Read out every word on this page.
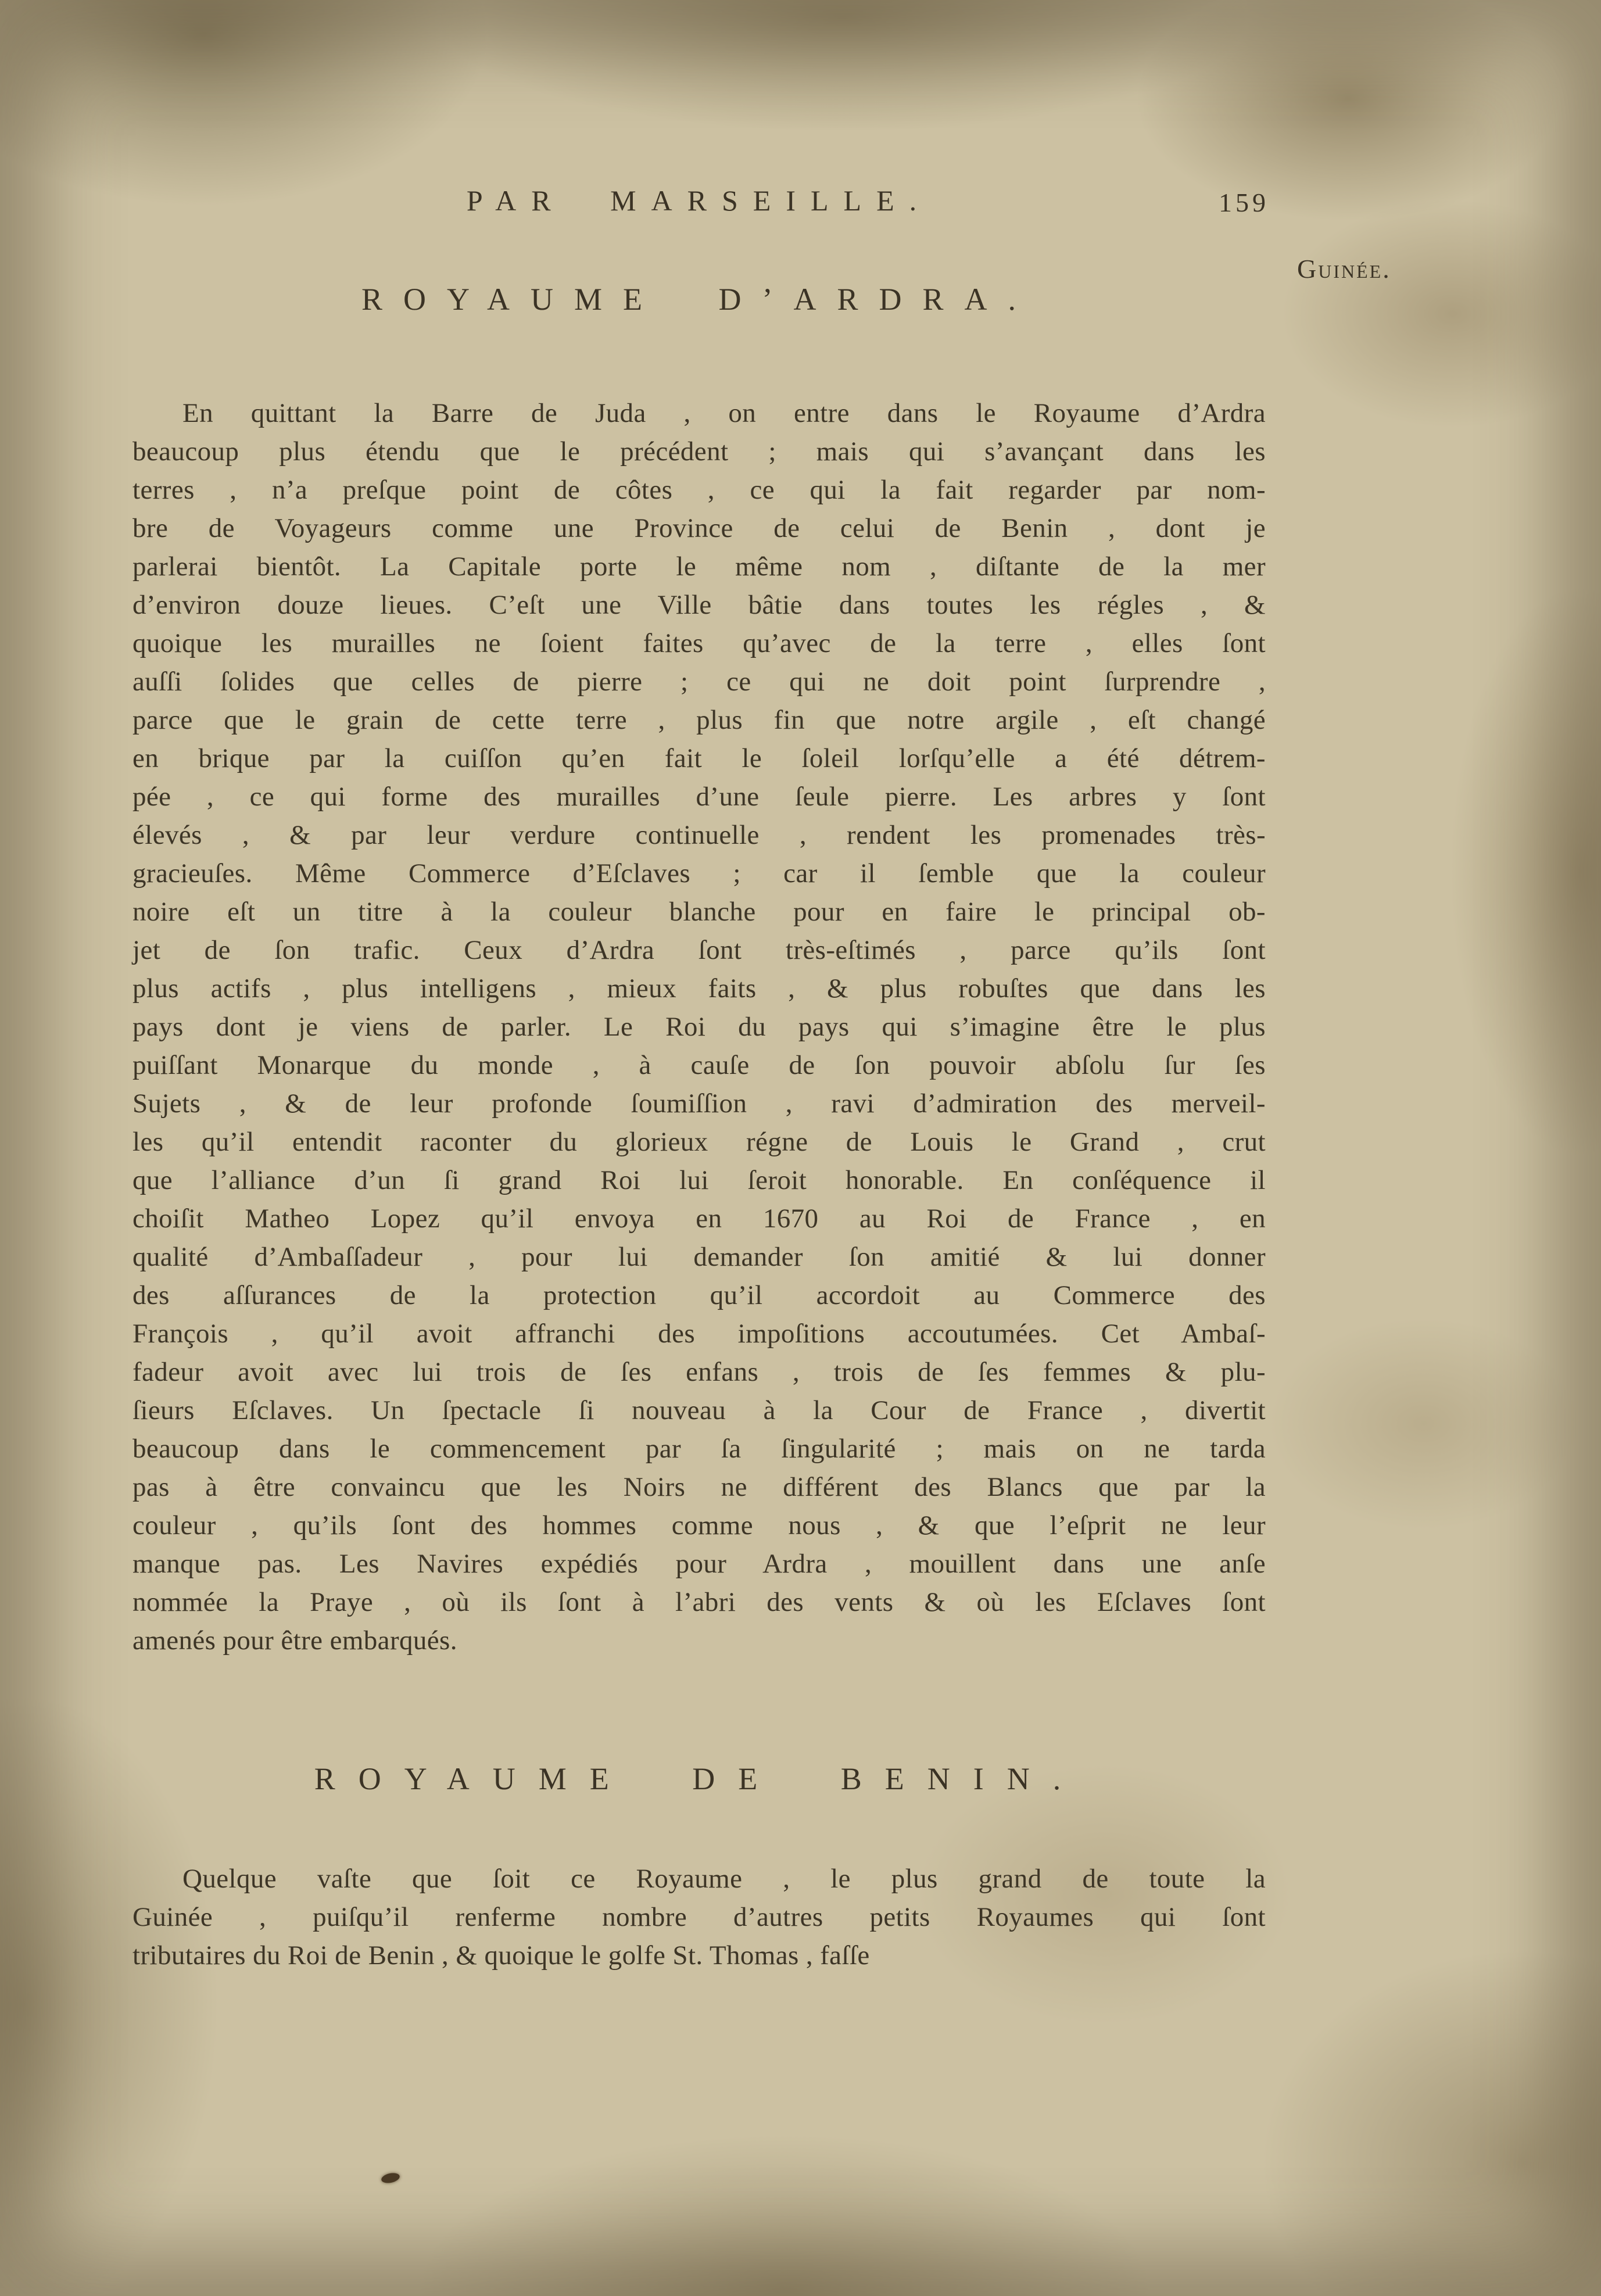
PAR MARSEILLE.	159
Guinée.
ROYAUME D’ARDRA.
En quittant la Barre de Juda , on entre dans le Royaume d’Ardra
beaucoup plus étendu que le précédent ; mais qui s’avançant dans les
terres , n’a preſque point de côtes , ce qui la fait regarder par nom-
bre de Voyageurs comme une Province de celui de Benin , dont je
parlerai bientôt. La Capitale porte le même nom , diſtante de la mer
d’environ douze lieues. C’eſt une Ville bâtie dans toutes les régles , &
quoique les murailles ne ſoient faites qu’avec de la terre , elles ſont
auſſi ſolides que celles de pierre ; ce qui ne doit point ſurprendre ,
parce que le grain de cette terre , plus fin que notre argile , eſt changé
en brique par la cuiſſon qu’en fait le ſoleil lorſqu’elle a été détrem-
pée , ce qui forme des murailles d’une ſeule pierre. Les arbres y ſont
élevés , & par leur verdure continuelle , rendent les promenades très-
gracieuſes. Même Commerce d’Eſclaves ; car il ſemble que la couleur
noire eſt un titre à la couleur blanche pour en faire le principal ob-
jet de ſon trafic. Ceux d’Ardra ſont très-eſtimés , parce qu’ils ſont
plus actifs , plus intelligens , mieux faits , & plus robuſtes que dans les
pays dont je viens de parler. Le Roi du pays qui s’imagine être le plus
puiſſant Monarque du monde , à cauſe de ſon pouvoir abſolu ſur ſes
Sujets , & de leur profonde ſoumiſſion , ravi d’admiration des merveil-
les qu’il entendit raconter du glorieux régne de Louis le Grand , crut
que l’alliance d’un ſi grand Roi lui ſeroit honorable. En conſéquence il
choiſit Matheo Lopez qu’il envoya en 1670 au Roi de France , en
qualité d’Ambaſſadeur , pour lui demander ſon amitié & lui donner
des aſſurances de la protection qu’il accordoit au Commerce des
François , qu’il avoit affranchi des impoſitions accoutumées. Cet Ambaſ-
fadeur avoit avec lui trois de ſes enfans , trois de ſes femmes & plu-
ſieurs Eſclaves. Un ſpectacle ſi nouveau à la Cour de France , divertit
beaucoup dans le commencement par ſa ſingularité ; mais on ne tarda
pas à être convaincu que les Noirs ne différent des Blancs que par la
couleur , qu’ils ſont des hommes comme nous , & que l’eſprit ne leur
manque pas. Les Navires expédiés pour Ardra , mouillent dans une anſe
nommée la Praye , où ils ſont à l’abri des vents & où les Eſclaves ſont
amenés pour être embarqués.
ROYAUME DE BENIN.
Quelque vaſte que ſoit ce Royaume , le plus grand de toute la
Guinée , puiſqu’il renferme nombre d’autres petits Royaumes qui ſont
tributaires du Roi de Benin , & quoique le golfe St. Thomas , faſſe
